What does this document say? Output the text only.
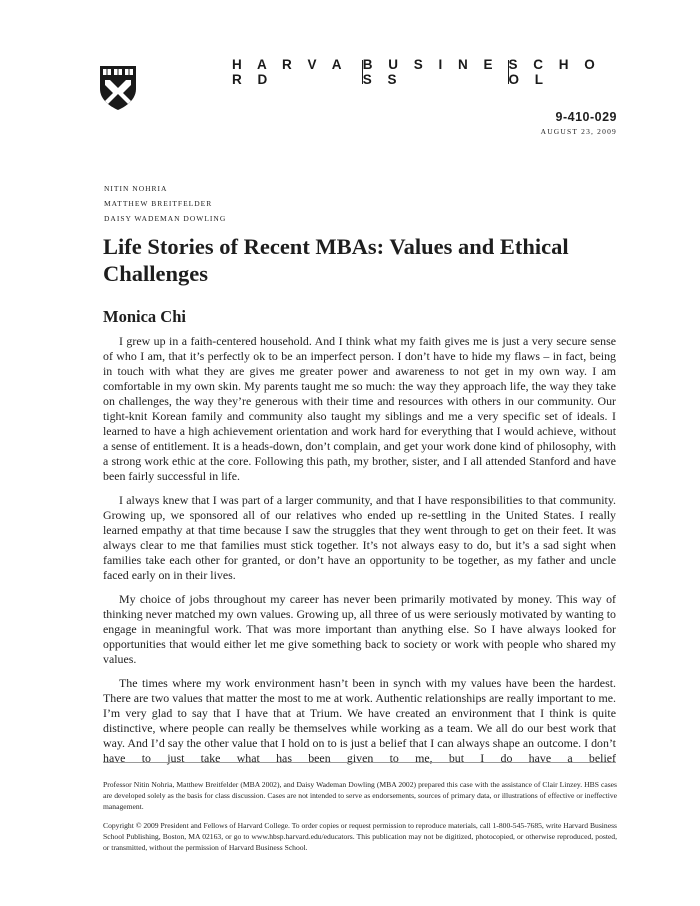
H A R V A R D
B U S I N E S S
S C H O O L
9-410-029
AUGUST 23, 2009
NITIN NOHRIA
MATTHEW BREITFELDER
DAISY WADEMAN DOWLING
Life Stories of Recent MBAs: Values and Ethical Challenges
Monica Chi

I grew up in a faith-centered household. And I think what my faith gives me is just a very secure sense of who I am, that it’s perfectly ok to be an imperfect person. I don’t have to hide my flaws – in fact, being in touch with what they are gives me greater power and awareness to not get in my own way. I am comfortable in my own skin. My parents taught me so much: the way they approach life, the way they take on challenges, the way they’re generous with their time and resources with others in our community. Our tight-knit Korean family and community also taught my siblings and me a very specific set of ideals. I learned to have a high achievement orientation and work hard for everything that I would achieve, without a sense of entitlement. It is a heads-down, don’t complain, and get your work done kind of philosophy, with a strong work ethic at the core. Following this path, my brother, sister, and I all attended Stanford and have been fairly successful in life.

I always knew that I was part of a larger community, and that I have responsibilities to that community. Growing up, we sponsored all of our relatives who ended up re-settling in the United States. I really learned empathy at that time because I saw the struggles that they went through to get on their feet. It was always clear to me that families must stick together. It’s not always easy to do, but it’s a sad sight when families take each other for granted, or don’t have an opportunity to be together, as my father and uncle faced early on in their lives.

My choice of jobs throughout my career has never been primarily motivated by money. This way of thinking never matched my own values. Growing up, all three of us were seriously motivated by wanting to engage in meaningful work. That was more important than anything else. So I have always looked for opportunities that would either let me give something back to society or work with people who shared my values.

The times where my work environment hasn’t been in synch with my values have been the hardest. There are two values that matter the most to me at work. Authentic relationships are really important to me. I’m very glad to say that I have that at Trium. We have created an environment that I think is quite distinctive, where people can really be themselves while working as a team. We all do our best work that way. And I’d say the other value that I hold on to is just a belief that I can always shape an outcome. I don’t have to just take what has been given to me, but I do have a belief

Professor Nitin Nohria, Matthew Breitfelder (MBA 2002), and Daisy Wademan Dowling (MBA 2002) prepared this case with the assistance of Clair Linzey. HBS cases are developed solely as the basis for class discussion. Cases are not intended to serve as endorsements, sources of primary data, or illustrations of effective or ineffective management.

Copyright © 2009 President and Fellows of Harvard College. To order copies or request permission to reproduce materials, call 1-800-545-7685, write Harvard Business School Publishing, Boston, MA 02163, or go to www.hbsp.harvard.edu/educators. This publication may not be digitized, photocopied, or otherwise reproduced, posted, or transmitted, without the permission of Harvard Business School.
